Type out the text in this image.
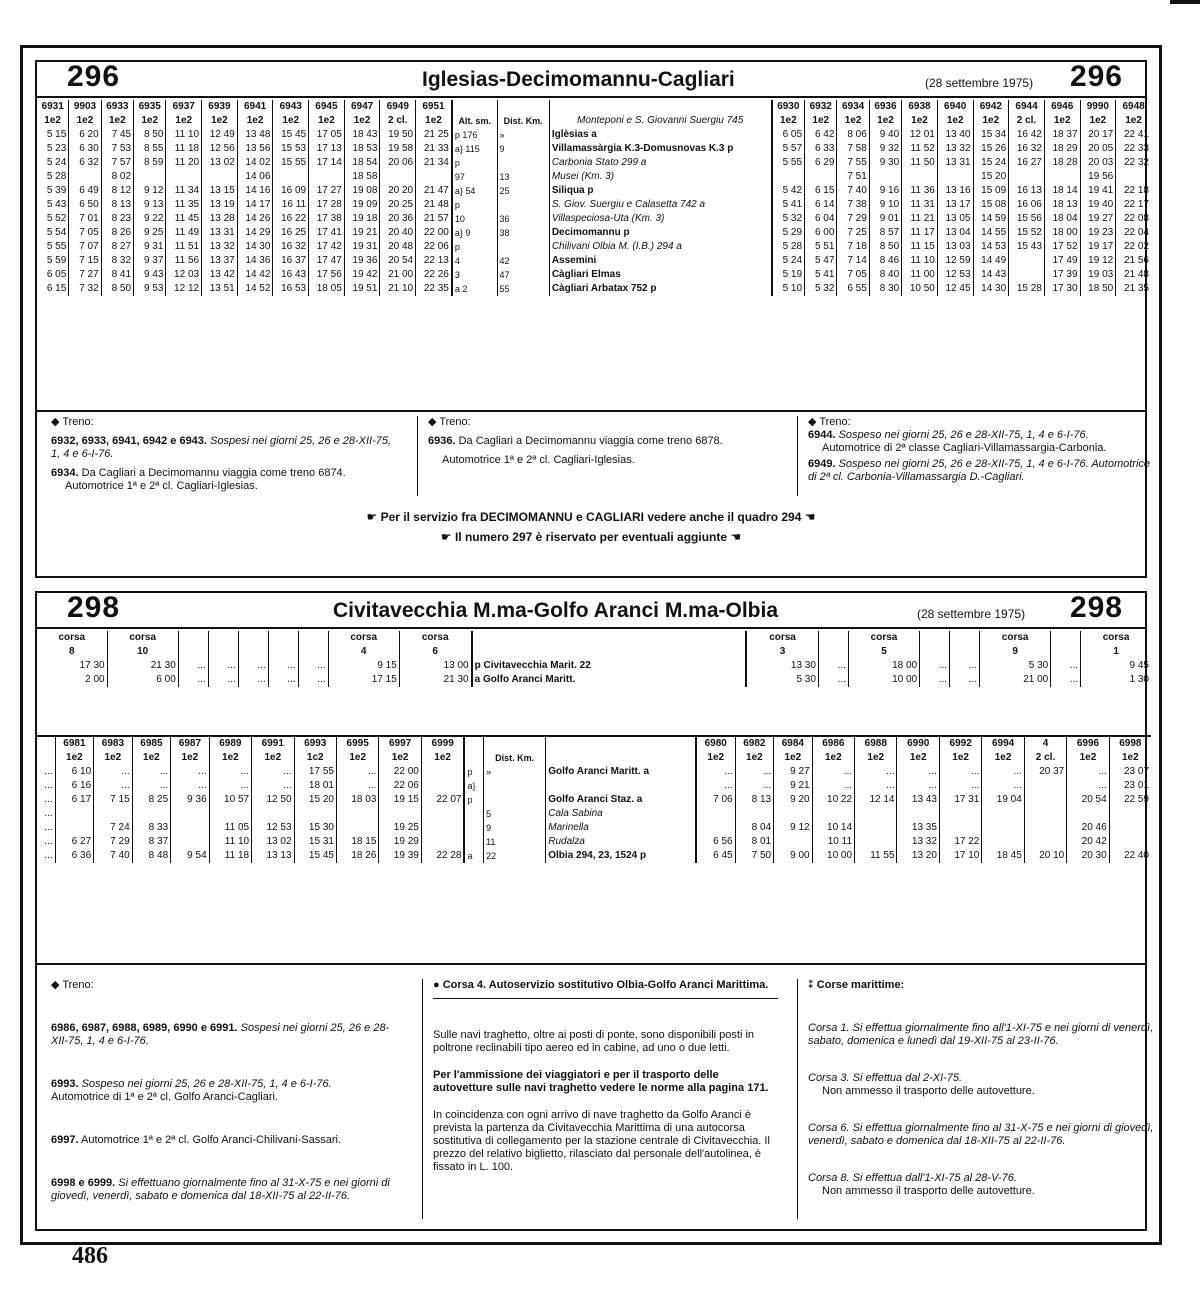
296	Iglesias-Decimomannu-Cagliari	(28 settembre 1975) 296
6931	9903	6933	6935	6937	6939	6941	6943	6945	6947	6949	6951				6930	6932	6934	6936	6938	6940	6942	6944	6946	9990	6948
1e2	1e2	1e2	1e2	1e2	1e2	1e2	1e2	1e2	1e2	2 cl.	1e2	Alt. sm.	Dist. Km.	Monteponi e S. Giovanni Suergiu 745	1e2	1e2	1e2	1e2	1e2	1e2	1e2	2 cl.	1e2	1e2	1e2
5 15	6 20	7 45	8 50	11 10	12 49	13 48	15 45	17 05	18 43	19 50	21 25	p 176	»	Iglèsias a	6 05	6 42	8 06	9 40	12 01	13 40	15 34	16 42	18 37	20 17	22 41
5 23	6 30	7 53	8 55	11 18	12 56	13 56	15 53	17 13	18 53	19 58	21 33	a} 115	9	Villamassàrgia K.3-Domusnovas K.3 p	5 57	6 33	7 58	9 32	11 52	13 32	15 26	16 32	18 29	20 05	22 33
5 24	6 32	7 57	8 59	11 20	13 02	14 02	15 55	17 14	18 54	20 06	21 34	p		Carbonia Stato 299 a	5 55	6 29	7 55	9 30	11 50	13 31	15 24	16 27	18 28	20 03	22 32
5 28		8 02				14 06			18 58			97	13	Musei (Km. 3)			7 51				15 20			19 56	
5 39	6 49	8 12	9 12	11 34	13 15	14 16	16 09	17 27	19 08	20 20	21 47	a} 54	25	Siliqua p	5 42	6 15	7 40	9 16	11 36	13 16	15 09	16 13	18 14	19 41	22 18
5 43	6 50	8 13	9 13	11 35	13 19	14 17	16 11	17 28	19 09	20 25	21 48	p		S. Giov. Suergiu e Calasetta 742 a	5 41	6 14	7 38	9 10	11 31	13 17	15 08	16 06	18 13	19 40	22 17
5 52	7 01	8 23	9 22	11 45	13 28	14 26	16 22	17 38	19 18	20 36	21 57	10	36	Villaspeciosa-Uta (Km. 3)	5 32	6 04	7 29	9 01	11 21	13 05	14 59	15 56	18 04	19 27	22 08
5 54	7 05	8 26	9 25	11 49	13 31	14 29	16 25	17 41	19 21	20 40	22 00	a} 9	38	Decimomannu p	5 29	6 00	7 25	8 57	11 17	13 04	14 55	15 52	18 00	19 23	22 04
5 55	7 07	8 27	9 31	11 51	13 32	14 30	16 32	17 42	19 31	20 48	22 06	p		Chilivani Olbia M. (I.B.) 294 a	5 28	5 51	7 18	8 50	11 15	13 03	14 53	15 43	17 52	19 17	22 02
5 59	7 15	8 32	9 37	11 56	13 37	14 36	16 37	17 47	19 36	20 54	22 13	4	42	Assemini	5 24	5 47	7 14	8 46	11 10	12 59	14 49		17 49	19 12	21 56
6 05	7 27	8 41	9 43	12 03	13 42	14 42	16 43	17 56	19 42	21 00	22 26	3	47	Càgliari Elmas	5 19	5 41	7 05	8 40	11 00	12 53	14 43		17 39	19 03	21 48
6 15	7 32	8 50	9 53	12 12	13 51	14 52	16 53	18 05	19 51	21 10	22 35	a 2	55	Càgliari Arbatax 752 p	5 10	5 32	6 55	8 30	10 50	12 45	14 30	15 28	17 30	18 50	21 35

◆ Treno:

6932, 6933, 6941, 6942 e 6943. Sospesi nei giorni 25, 26 e 28-XII-75, 1, 4 e 6-I-76.

6934. Da Cagliari a Decimomannu viaggia come treno 6874.

Automotrice 1ª e 2ª cl. Cagliari-Iglesias.

◆ Treno:

6936. Da Cagliari a Decimomannu viaggia come treno 6878.

Automotrice 1ª e 2ª cl. Cagliari-Iglesias.

◆ Treno:

6944. Sospeso nei giorni 25, 26 e 28-XII-75, 1, 4 e 6-I-76.

Automotrice di 2ª classe Cagliari-Villamassargia-Carbonia.

6949. Sospeso nei giorni 25, 26 e 28-XII-75, 1, 4 e 6-I-76. Automotrice di 2ª cl. Carbonia-Villamassargia D.-Cagliari.

☛ Per il servizio fra DECIMOMANNU e CAGLIARI vedere anche il quadro 294 ☚
☛ Il numero 297 è riservato per eventuali aggiunte ☚
298	Civitavecchia M.ma-Golfo Aranci M.ma-Olbia	(28 settembre 1975) 298
corsa	corsa						corsa	corsa		corsa		corsa			corsa		corsa
8	10						4	6		3		5			9		1
17 30	21 30	...	...	...	...	...	9 15	13 00	p Civitavecchia Marit. 22	13 30	...	18 00	...	...	5 30	...	9 45
2 00	6 00	...	...	...	...	...	17 15	21 30	a Golfo Aranci Maritt.	5 30	...	10 00	...	...	21 00	...	1 30

	6981	6983	6985	6987	6989	6991	6993	6995	6997	6999				6980	6982	6984	6986	6988	6990	6992	6994	4	6996	6998
	1e2	1e2	1e2	1e2	1e2	1e2	1c2	1e2	1e2	1e2		Dist. Km.		1e2	1e2	1e2	1e2	1e2	1e2	1e2	1e2	2 cl.	1e2	1e2
...	6 10	...	...	...	...	...	17 55	...	22 00		p	»	Golfo Aranci Maritt. a	...	...	9 27	...	...	...	...	...	20 37	...	23 07
...	6 16	...	...	...	...	...	18 01	...	22 06		a}			...	...	9 21	...	...	...	...	...		...	23 01
...	6 17	7 15	8 25	9 36	10 57	12 50	15 20	18 03	19 15	22 07	p		Golfo Aranci Staz. a	7 06	8 13	9 20	10 22	12 14	13 43	17 31	19 04		20 54	22 59
...												5	Cala Sabina											
...		7 24	8 33		11 05	12 53	15 30		19 25			9	Marinella		8 04	9 12	10 14		13 35				20 46	
...	6 27	7 29	8 37		11 10	13 02	15 31	18 15	19 29			11	Rudalza	6 56	8 01		10 11		13 32	17 22			20 42	
...	6 36	7 40	8 48	9 54	11 18	13 13	15 45	18 26	19 39	22 28	a	22	Olbia 294, 23, 1524 p	6 45	7 50	9 00	10 00	11 55	13 20	17 10	18 45	20 10	20 30	22 40

◆ Treno:

6986, 6987, 6988, 6989, 6990 e 6991. Sospesi nei giorni 25, 26 e 28-XII-75, 1, 4 e 6-I-76.

6993. Sospeso nei giorni 25, 26 e 28-XII-75, 1, 4 e 6-I-76.

Automotrice di 1ª e 2ª cl. Golfo Aranci-Cagliari.

6997. Automotrice 1ª e 2ª cl. Golfo Aranci-Chilivani-Sassari.

6998 e 6999. Si effettuano giornalmente fino al 31-X-75 e nei giorni di giovedì, venerdì, sabato e domenica dal 18-XII-75 al 22-II-76.

● Corsa 4. Autoservizio sostitutivo Olbia-Golfo Aranci Marittima.

Sulle navi traghetto, oltre ai posti di ponte, sono disponibili posti in poltrone reclinabili tipo aereo ed in cabine, ad uno o due letti.

Per l'ammissione dei viaggiatori e per il trasporto delle autovetture sulle navi traghetto vedere le norme alla pagina 171.

In coincidenza con ogni arrivo di nave traghetto da Golfo Aranci è prevista la partenza da Civitavecchia Marittima di una autocorsa sostitutiva di collegamento per la stazione centrale di Civitavecchia. Il prezzo del relativo biglietto, rilasciato dal personale dell'autolinea, è fissato in L. 100.

⁑ Corse marittime:

Corsa 1. Si effettua giornalmente fino all'1-XI-75 e nei giorni di venerdì, sabato, domenica e lunedì dal 19-XII-75 al 23-II-76.

Corsa 3. Si effettua dal 2-XI-75.

Non ammesso il trasporto delle autovetture.

Corsa 6. Si effettua giornalmente fino al 31-X-75 e nei giorni di giovedì, venerdì, sabato e domenica dal 18-XII-75 al 22-II-76.

Corsa 8. Si effettua dall'1-XI-75 al 28-V-76.

Non ammesso il trasporto delle autovetture.

486
